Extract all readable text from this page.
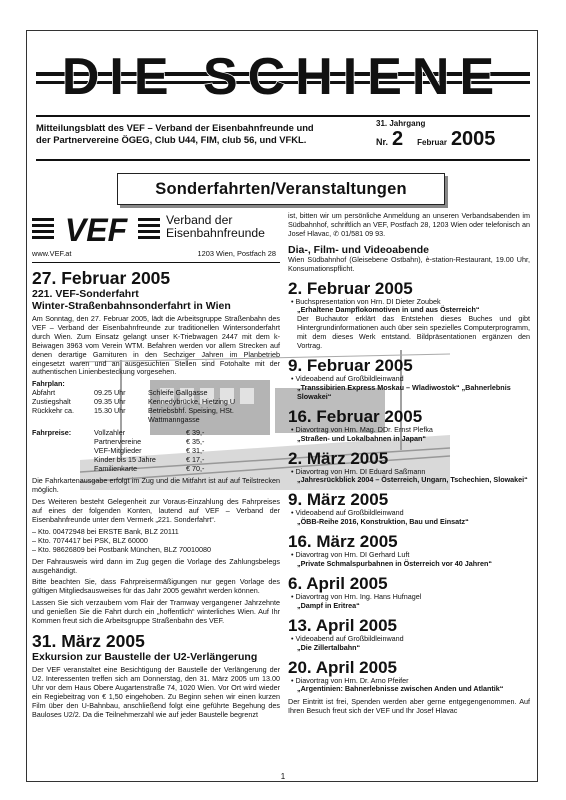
DIE SCHIENE
Mitteilungsblatt des VEF – Verband der Eisenbahnfreunde und
der Partnervereine ÖGEG, Club U44, FIM, club 56, und VFKL.
31. Jahrgang
Nr. 2 Februar 2005
Sonderfahrten/Veranstaltungen
VEF	Verband der
Eisenbahnfreunde
www.VEF.at	1203 Wien, Postfach 28
27. Februar 2005
221. VEF-Sonderfahrt
Winter-Straßenbahnsonderfahrt in Wien

Am Sonntag, den 27. Februar 2005, lädt die Arbeitsgruppe Straßenbahn des VEF – Verband der Eisenbahnfreunde zur traditionellen Wintersonderfahrt durch Wien. Zum Einsatz gelangt unser K-Triebwagen 2447 mit dem k-Beiwagen 3963 vom Verein WTM. Befahren werden vor allem Strecken auf denen derartige Garnituren in den Sechziger Jahren im Planbetrieb eingesetzt waren und an ausgesuchten Stellen sind Fotohalte mit der authentischen Linienbesteckung vorgesehen.

Fahrplan:
Abfahrt	09.25 Uhr	Schleife Gallgasse
Zustiegshalt	09.35 Uhr	Kennedybrücke, Hietzing U
Rückkehr ca.	15.30 Uhr	Betriebsbhf. Speising, HSt. Wattmanngasse
Fahrpreise:	Vollzahler	€ 39,-
Partnervereine	€ 35,-
VEF-Mitglieder	€ 31,-
Kinder bis 15 Jahre	€ 17,-
Familienkarte	€ 70,-

Die Fahrkartenausgabe erfolgt im Zug und die Mitfahrt ist auf auf Teilstrecken möglich.

Des Weiteren besteht Gelegenheit zur Voraus-Einzahlung des Fahrpreises auf eines der folgenden Konten, lautend auf VEF – Verband der Eisenbahnfreunde unter dem Vermerk „221. Sonderfahrt“.

– Kto. 00472948 bei ERSTE Bank, BLZ 20111
– Kto. 7074417 bei PSK, BLZ 60000
– Kto. 98626809 bei Postbank München, BLZ 70010080

Der Fahrausweis wird dann im Zug gegen die Vorlage des Zahlungsbelegs ausgehändigt.

Bitte beachten Sie, dass Fahrpreisermäßigungen nur gegen Vorlage des gültigen Mitgliedsausweises für das Jahr 2005 gewährt werden können.

Lassen Sie sich verzaubern vom Flair der Tramway vergangener Jahrzehnte und genießen Sie die Fahrt durch ein „hoffentlich“ winterliches Wien. Auf Ihr Kommen freut sich die Arbeitsgruppe Straßenbahn des VEF.

31. März 2005
Exkursion zur Baustelle der U2-Verlängerung

Der VEF veranstaltet eine Besichtigung der Baustelle der Verlängerung der U2. Interessenten treffen sich am Donnerstag, den 31. März 2005 um 13.00 Uhr vor dem Haus Obere Augartenstraße 74, 1020 Wien. Vor Ort wird wieder ein Regiebeitrag von € 1,50 eingehoben. Zu Beginn sehen wir einen kurzen Film über den U-Bahnbau, anschließend folgt eine geführte Begehung des Bauloses U2/2. Da die Teilnehmerzahl wie auf jeder Baustelle begrenzt

ist, bitten wir um persönliche Anmeldung an unseren Verbandsabenden im Südbahnhof, schriftlich an VEF, Postfach 28, 1203 Wien oder telefonisch an Josef Hlavac, ✆ 01/581 09 93.

Dia-, Film- und Videoabende

Wien Südbahnhof (Gleisebene Ostbahn), è-station-Restaurant, 19.00 Uhr, Konsumationspflicht.

2. Februar 2005
• Buchspresentation von Hrn. DI Dieter Zoubek
„Erhaltene Dampflokomotiven in und aus Österreich“

Der Buchautor erklärt das Entstehen dieses Buches und gibt Hintergrundinformationen auch über sein spezielles Computerprogramm, mit dem dieses Werk entstand. Bildpräsentationen ergänzen den Vortrag.

9. Februar 2005
• Videoabend auf Großbildleinwand
„Transsibirien Express Moskau – Wladiwostok“ „Bahnerlebnis Slowakei“
16. Februar 2005
• Diavortrag von Hrn. Mag. DDr. Ernst Plefka
„Straßen- und Lokalbahnen in Japan“
2. März 2005
• Diavortrag von Hrn. DI Eduard Saßmann
„Jahresrückblick 2004 – Österreich, Ungarn, Tschechien, Slowakei“
9. März 2005
• Videoabend auf Großbildleinwand
„ÖBB-Reihe 2016, Konstruktion, Bau und Einsatz“
16. März 2005
• Diavortrag von Hrn. DI Gerhard Luft
„Private Schmalspurbahnen in Österreich vor 40 Jahren“
6. April 2005
• Diavortrag von Hrn. Ing. Hans Hufnagel
„Dampf in Eritrea“
13. April 2005
• Videoabend auf Großbildleinwand
„Die Zillertalbahn“
20. April 2005
• Diavortrag von Hrn. Dr. Arno Pfeifer
„Argentinien: Bahnerlebnisse zwischen Anden und Atlantik“

Der Eintritt ist frei, Spenden werden aber gerne entgegengenommen. Auf Ihren Besuch freut sich der VEF und Ihr Josef Hlavac

1
